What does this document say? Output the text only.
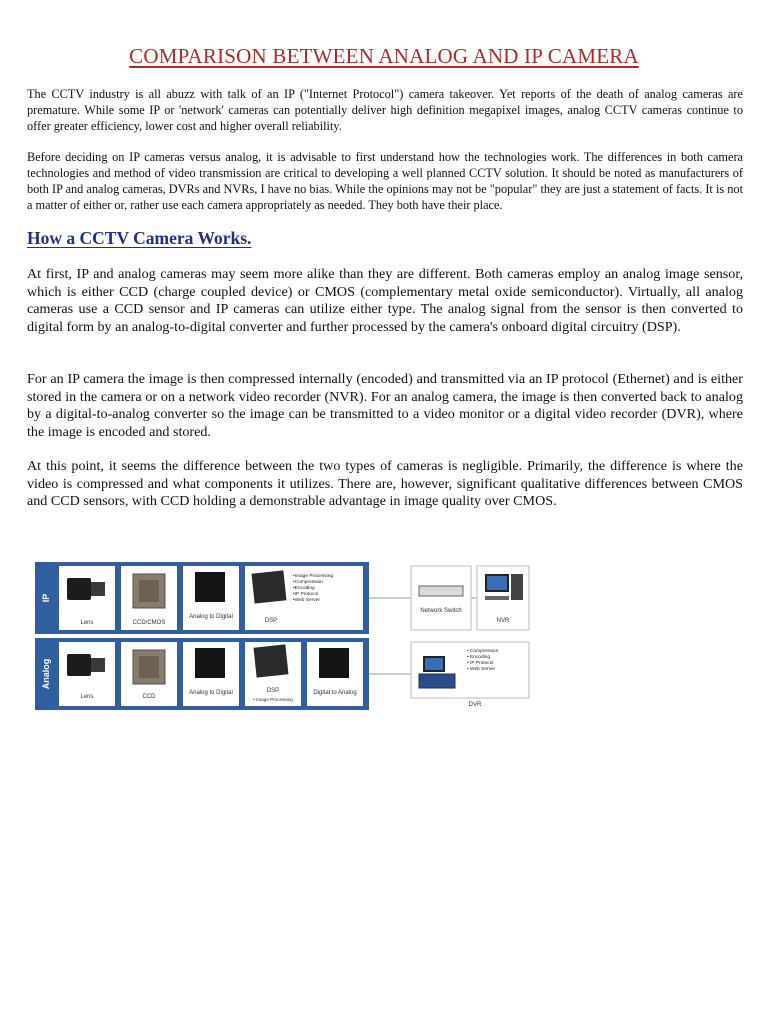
COMPARISON BETWEEN ANALOG AND IP CAMERA

The CCTV industry is all abuzz with talk of an IP ("Internet Protocol") camera takeover. Yet reports of the death of analog cameras are premature. While some IP or 'network' cameras can potentially deliver high definition megapixel images, analog CCTV cameras continue to offer greater efficiency, lower cost and higher overall reliability.

Before deciding on IP cameras versus analog, it is advisable to first understand how the technologies work. The differences in both camera technologies and method of video transmission are critical to developing a well planned CCTV solution. It should be noted as manufacturers of both IP and analog cameras, DVRs and NVRs, I have no bias. While the opinions may not be "popular" they are just a statement of facts. It is not a matter of either or, rather use each camera appropriately as needed. They both have their place.

How a CCTV Camera Works.

At first, IP and analog cameras may seem more alike than they are different. Both cameras employ an analog image sensor, which is either CCD (charge coupled device) or CMOS (complementary metal oxide semiconductor). Virtually, all analog cameras use a CCD sensor and IP cameras can utilize either type. The analog signal from the sensor is then converted to digital form by an analog-to-digital converter and further processed by the camera's onboard digital circuitry (DSP).

For an IP camera the image is then compressed internally (encoded) and transmitted via an IP protocol (Ethernet) and is either stored in the camera or on a network video recorder (NVR). For an analog camera, the image is then converted back to analog by a digital-to-analog converter so the image can be transmitted to a video monitor or a digital video recorder (DVR), where the image is encoded and stored.

At this point, it seems the difference between the two types of cameras is negligible. Primarily, the difference is where the video is compressed and what components it utilizes. There are, however, significant qualitative differences between CMOS and CCD sensors, with CCD holding a demonstrable advantage in image quality over CMOS.

IP
Lens	CCD/CMOS
Analog to Digital
DSP
•Image Processing
•Compression
•Encoding
•IP Protocol
•Web Server
Network Switch
NVR
Analog
Lens	CCD
Analog to Digital	DSP
• Image Processing
Digital to Analog
• Compression
• Encoding
• IP Protocol
• Web Server
DVR
